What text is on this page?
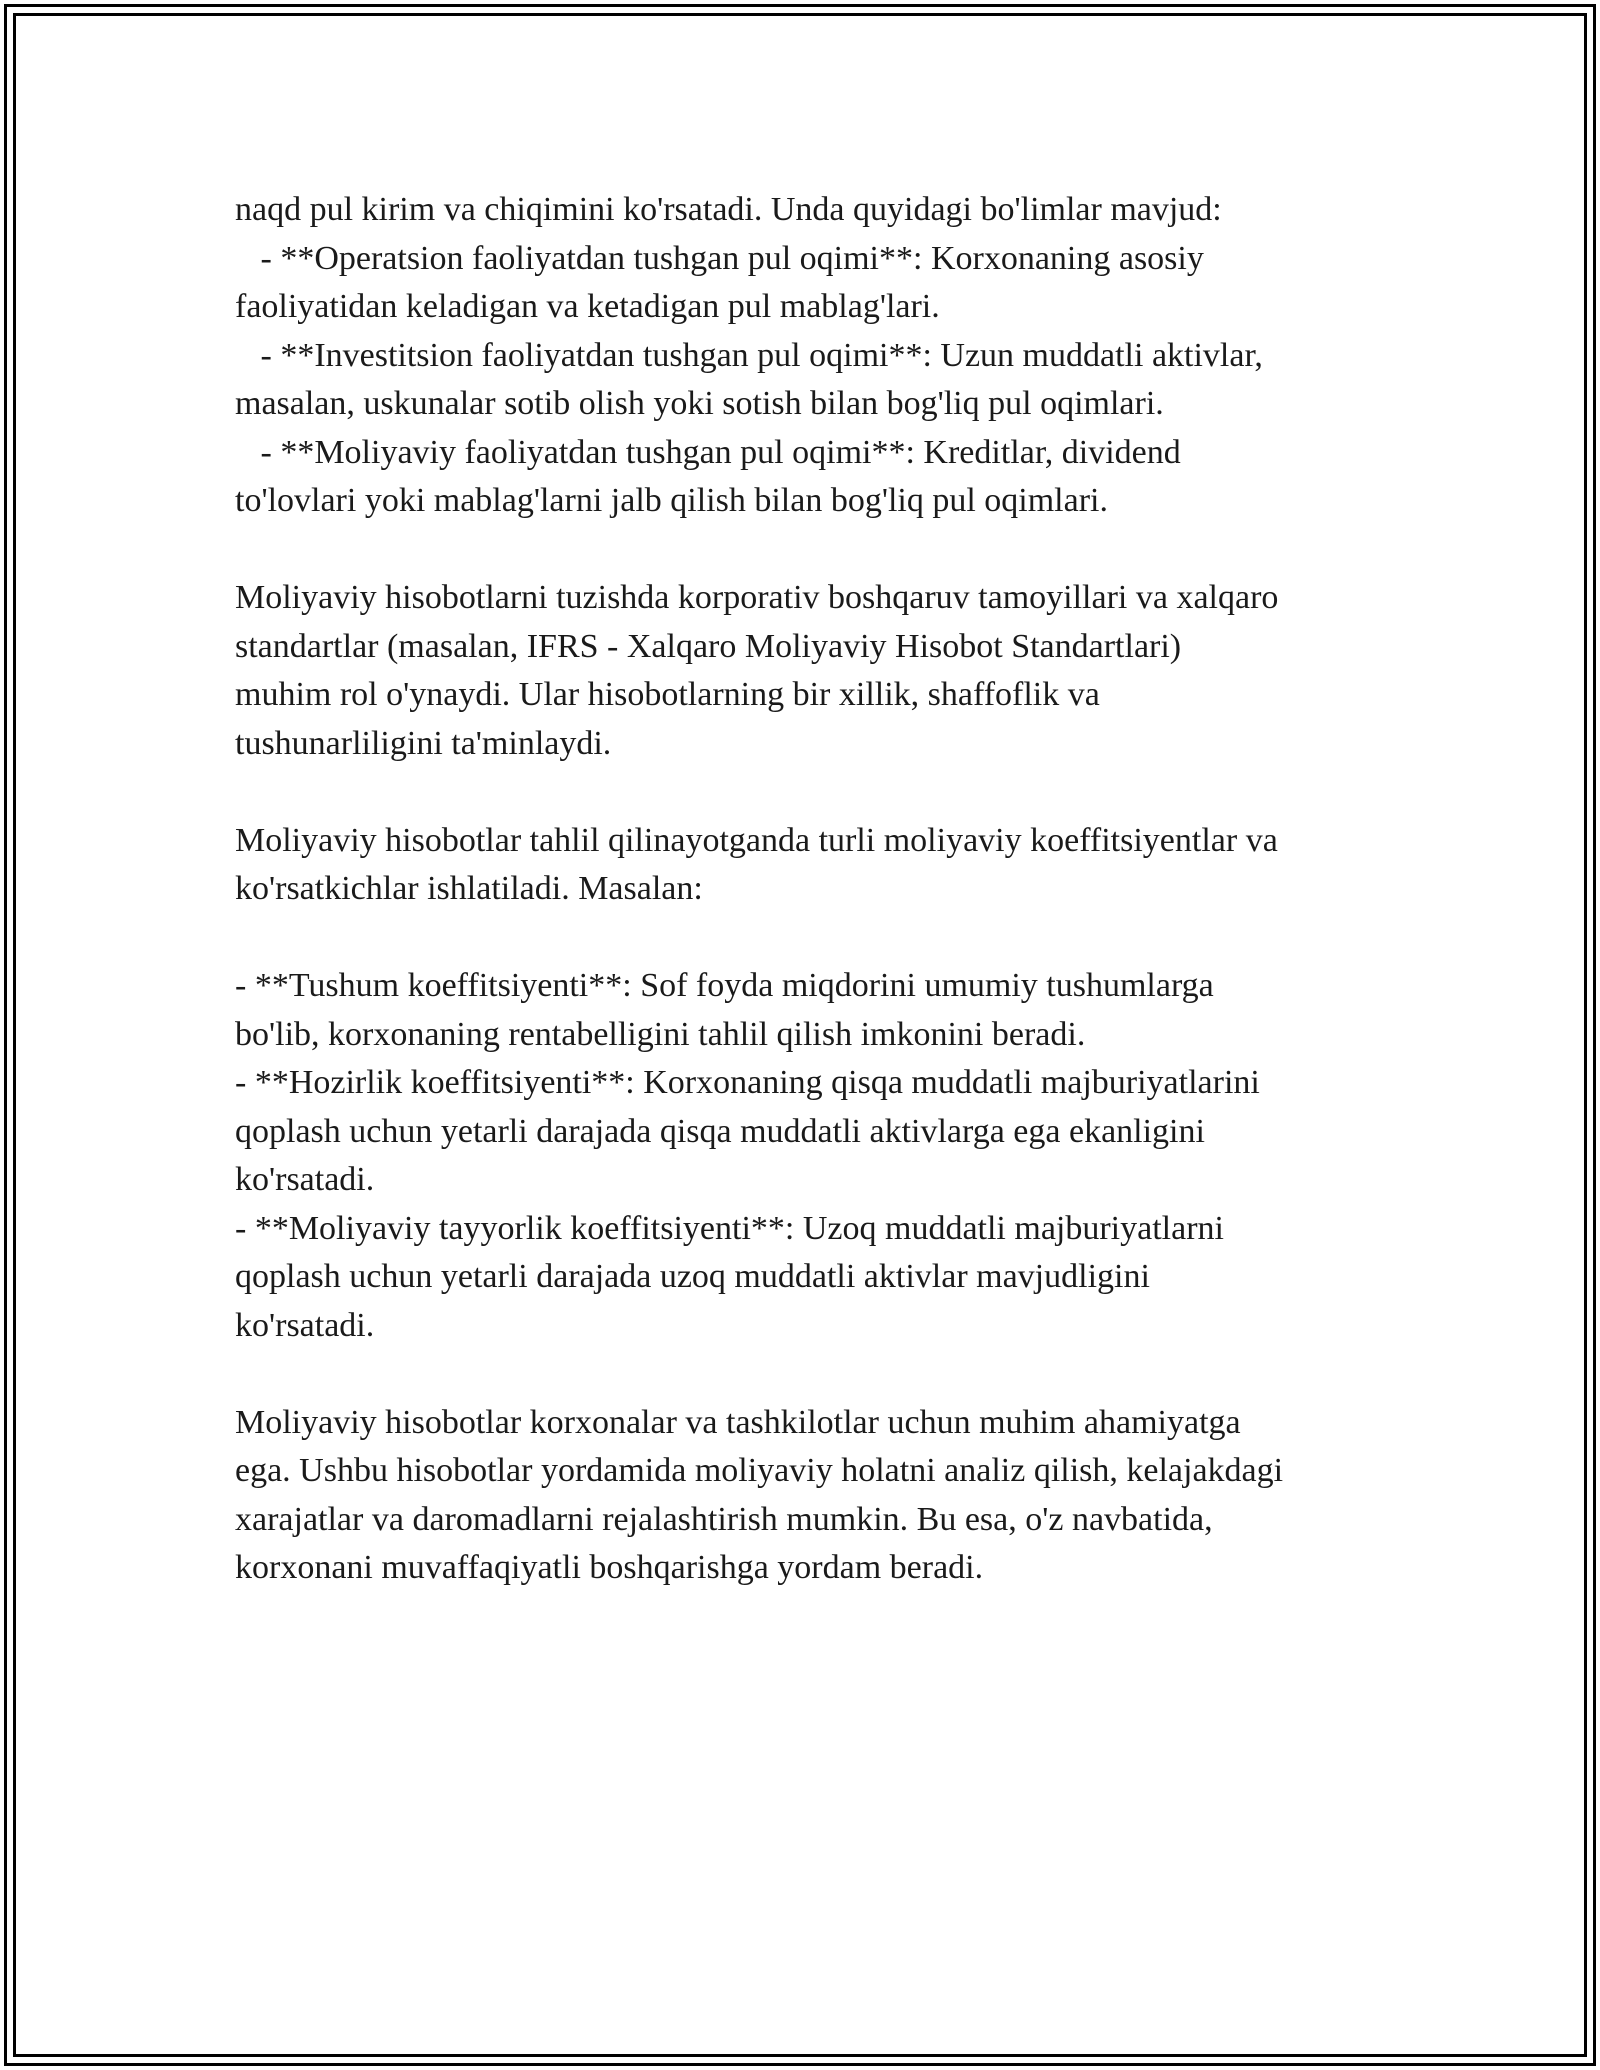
naqd pul kirim va chiqimini ko'rsatadi. Unda quyidagi bo'limlar mavjud:
- **Operatsion faoliyatdan tushgan pul oqimi**: Korxonaning asosiy
faoliyatidan keladigan va ketadigan pul mablag'lari.
- **Investitsion faoliyatdan tushgan pul oqimi**: Uzun muddatli aktivlar,
masalan, uskunalar sotib olish yoki sotish bilan bog'liq pul oqimlari.
- **Moliyaviy faoliyatdan tushgan pul oqimi**: Kreditlar, dividend
to'lovlari yoki mablag'larni jalb qilish bilan bog'liq pul oqimlari.
Moliyaviy hisobotlarni tuzishda korporativ boshqaruv tamoyillari va xalqaro
standartlar (masalan, IFRS - Xalqaro Moliyaviy Hisobot Standartlari)
muhim rol o'ynaydi. Ular hisobotlarning bir xillik, shaffoflik va
tushunarliligini ta'minlaydi.
Moliyaviy hisobotlar tahlil qilinayotganda turli moliyaviy koeffitsiyentlar va
ko'rsatkichlar ishlatiladi. Masalan:
- **Tushum koeffitsiyenti**: Sof foyda miqdorini umumiy tushumlarga
bo'lib, korxonaning rentabelligini tahlil qilish imkonini beradi.
- **Hozirlik koeffitsiyenti**: Korxonaning qisqa muddatli majburiyatlarini
qoplash uchun yetarli darajada qisqa muddatli aktivlarga ega ekanligini
ko'rsatadi.
- **Moliyaviy tayyorlik koeffitsiyenti**: Uzoq muddatli majburiyatlarni
qoplash uchun yetarli darajada uzoq muddatli aktivlar mavjudligini
ko'rsatadi.
Moliyaviy hisobotlar korxonalar va tashkilotlar uchun muhim ahamiyatga
ega. Ushbu hisobotlar yordamida moliyaviy holatni analiz qilish, kelajakdagi
xarajatlar va daromadlarni rejalashtirish mumkin. Bu esa, o'z navbatida,
korxonani muvaffaqiyatli boshqarishga yordam beradi.
